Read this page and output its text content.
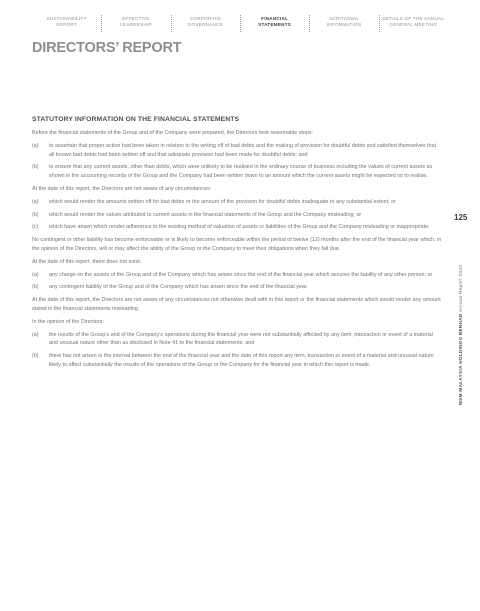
SUSTAINABILITY
REPORT
EFFECTIVE
LEADERSHIP
CORPORATE
GOVERNANCE
FINANCIAL
STATEMENTS
ADDITIONAL
INFORMATION
DETAILS OF THE ANNUAL
GENERAL MEETING
DIRECTORS’ REPORT
STATUTORY INFORMATION ON THE FINANCIAL STATEMENTS

Before the financial statements of the Group and of the Company were prepared, the Directors took reasonable steps:

(a)	to ascertain that proper action had been taken in relation to the writing off of bad debts and the making of provision for doubtful debts and satisfied themselves that all known bad debts had been written off and that adequate provision had been made for doubtful debts; and
(b)	to ensure that any current assets, other than debts, which were unlikely to be realised in the ordinary course of business including the values of current assets as shown in the accounting records of the Group and the Company had been written down to an amount which the current assets might be expected so to realise.

At the date of this report, the Directors are not aware of any circumstances:

(a)	which would render the amounts written off for bad debts or the amount of the provision for doubtful debts inadequate to any substantial extent; or
(b)	which would render the values attributed to current assets in the financial statements of the Group and the Company misleading; or
(c)	which have arisen which render adherence to the existing method of valuation of assets or liabilities of the Group and the Company misleading or inappropriate.

No contingent or other liability has become enforceable or is likely to become enforceable within the period of twelve (12) months after the end of the financial year which, in the opinion of the Directors, will or may affect the ability of the Group or the Company to meet their obligations when they fall due.

At the date of this report, there does not exist:

(a)	any charge on the assets of the Group and of the Company which has arisen since the end of the financial year which secures the liability of any other person; or
(b)	any contingent liability of the Group and of the Company which has arisen since the end of the financial year.

At the date of this report, the Directors are not aware of any circumstances not otherwise dealt with in this report or the financial statements which would render any amount stated in the financial statements misleading.

In the opinion of the Directors:

(a)	the results of the Group’s and of the Company’s operations during the financial year were not substantially affected by any item, transaction or event of a material and unusual nature other than as disclosed in Note 41 to the financial statements; and
(b)	there has not arisen in the interval between the end of the financial year and the date of this report any item, transaction or event of a material and unusual nature likely to affect substantially the results of the operations of the Group or the Company for the financial year in which this report is made.
125
MSM MALAYSIA HOLDINGS BERHAD Annual Report 2020
